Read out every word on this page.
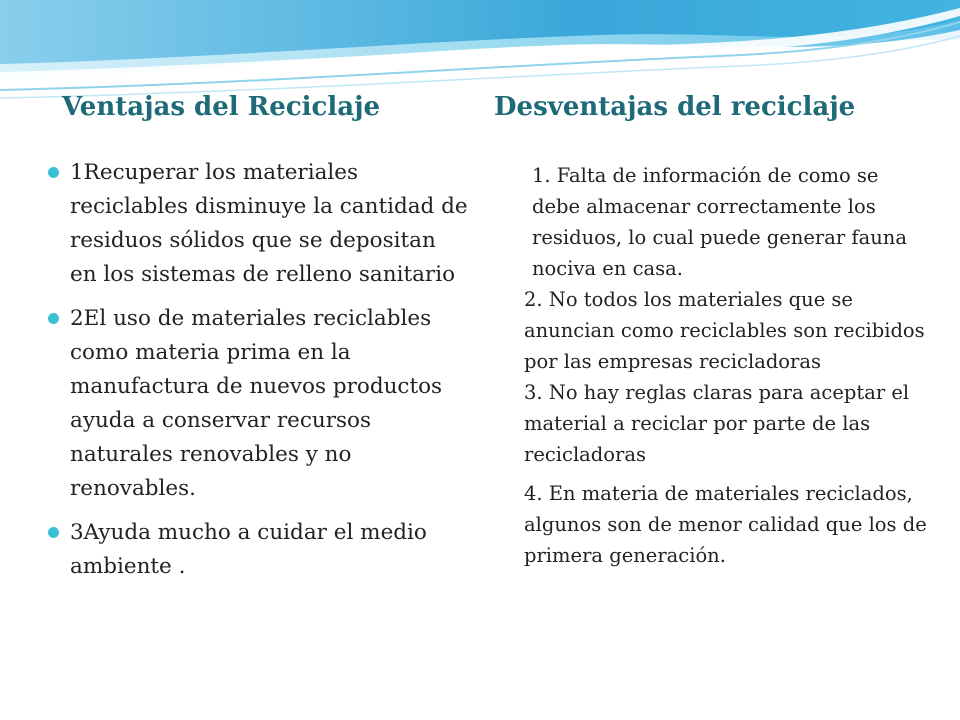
Ventajas del Reciclaje	Desventajas del reciclaje
1Recuperar los materiales reciclables disminuye la cantidad de residuos sólidos que se depositan en los sistemas de relleno sanitario
2El uso de materiales reciclables como materia prima en la manufactura de nuevos productos ayuda a conservar recursos naturales renovables y no renovables.
3Ayuda mucho a cuidar el medio ambiente .

1. Falta de información de como se debe almacenar correctamente los residuos, lo cual puede generar fauna nociva en casa.

2. No todos los materiales que se anuncian como reciclables son recibidos por las empresas recicladoras

3. No hay reglas claras para aceptar el material a reciclar por parte de las recicladoras

4. En materia de materiales reciclados, algunos son de menor calidad que los de primera generación.
